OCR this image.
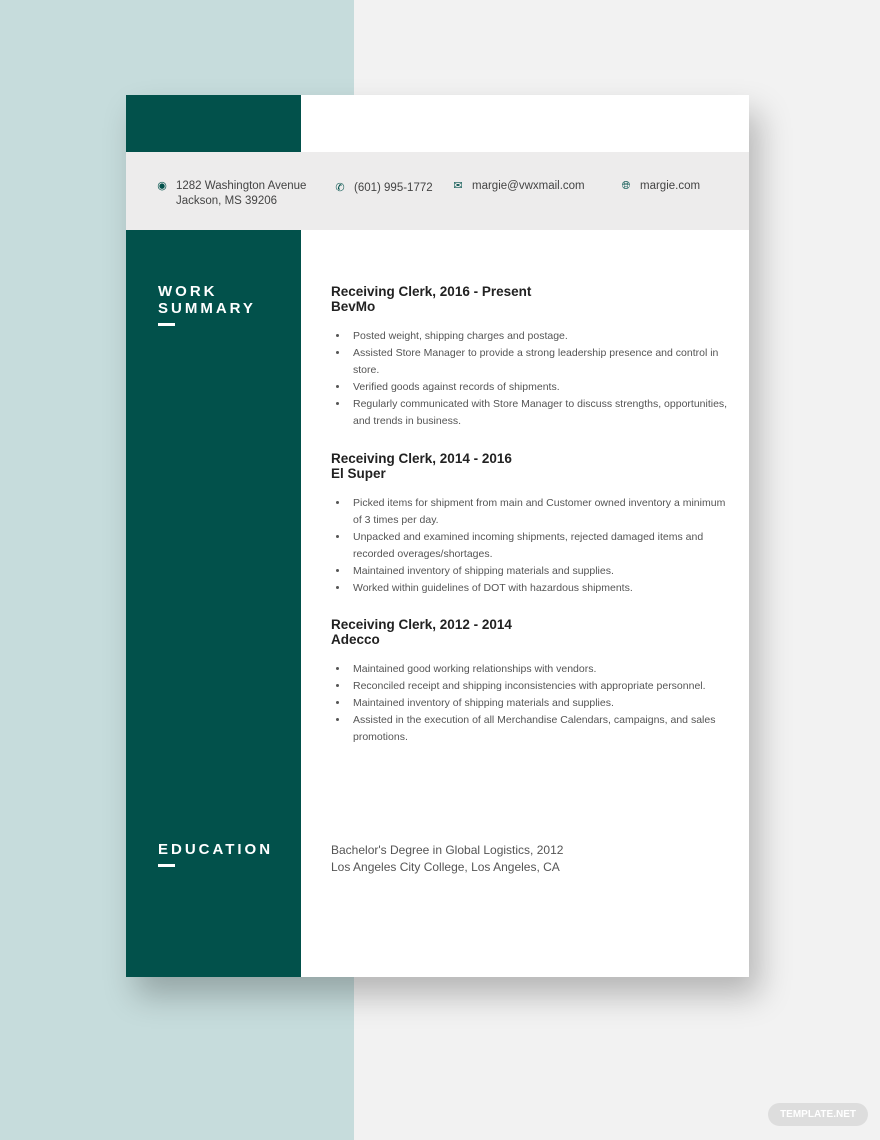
◉ 1282 Washington Avenue
Jackson, MS 39206
✆ (601) 995-1772 ✉ margie@vwxmail.com	🌐︎ margie.com
WORK
SUMMARY
EDUCATION
Receiving Clerk, 2016 - Present
BevMo
• Posted weight, shipping charges and postage.
• Assisted Store Manager to provide a strong leadership presence and control in store.
• Verified goods against records of shipments.
• Regularly communicated with Store Manager to discuss strengths, opportunities, and trends in business.
Receiving Clerk, 2014 - 2016
El Super
• Picked items for shipment from main and Customer owned inventory a minimum of 3 times per day.
• Unpacked and examined incoming shipments, rejected damaged items and recorded overages/shortages.
• Maintained inventory of shipping materials and supplies.
• Worked within guidelines of DOT with hazardous shipments.
Receiving Clerk, 2012 - 2014
Adecco
• Maintained good working relationships with vendors.
• Reconciled receipt and shipping inconsistencies with appropriate personnel.
• Maintained inventory of shipping materials and supplies.
• Assisted in the execution of all Merchandise Calendars, campaigns, and sales promotions.
Bachelor's Degree in Global Logistics, 2012
Los Angeles City College, Los Angeles, CA
TEMPLATE.NET
